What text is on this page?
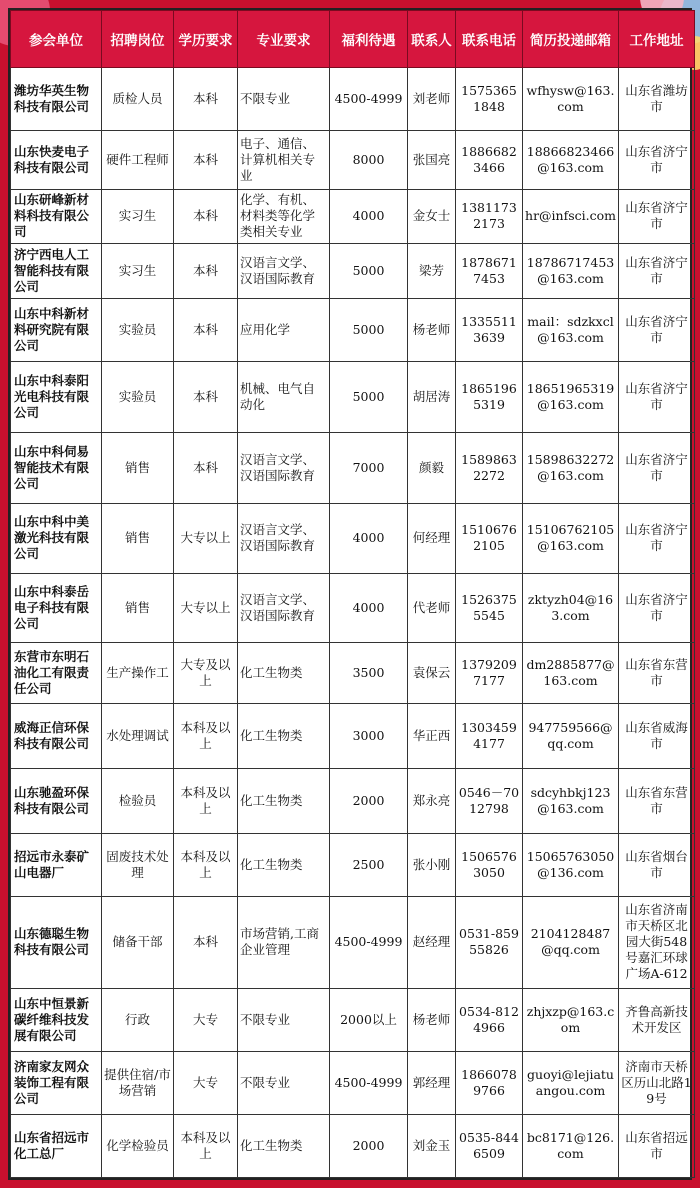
参会单位	招聘岗位	学历要求	专业要求	福利待遇	联系人	联系电话	简历投递邮箱	工作地址
潍坊华英生物科技有限公司	质检人员	本科	不限专业	4500-4999	刘老师	15753651848	wfhysw@163.com	山东省潍坊市
山东快麦电子科技有限公司	硬件工程师	本科	电子、通信、计算机相关专业	8000	张国亮	18866823466	18866823466@163.com	山东省济宁市
山东研峰新材料科技有限公司	实习生	本科	化学、有机、材料类等化学类相关专业	4000	金女士	13811732173	hr@infsci.com	山东省济宁市
济宁西电人工智能科技有限公司	实习生	本科	汉语言文学、汉语国际教育	5000	梁芳	18786717453	18786717453@163.com	山东省济宁市
山东中科新材料研究院有限公司	实验员	本科	应用化学	5000	杨老师	13355113639	mail：sdzkxcl@163.com	山东省济宁市
山东中科泰阳光电科技有限公司	实验员	本科	机械、电气自动化	5000	胡居涛	18651965319	18651965319@163.com	山东省济宁市
山东中科伺易智能技术有限公司	销售	本科	汉语言文学、汉语国际教育	7000	颜毅	15898632272	15898632272@163.com	山东省济宁市
山东中科中美激光科技有限公司	销售	大专以上	汉语言文学、汉语国际教育	4000	何经理	15106762105	15106762105@163.com	山东省济宁市
山东中科泰岳电子科技有限公司	销售	大专以上	汉语言文学、汉语国际教育	4000	代老师	15263755545	zktyzh04@163.com	山东省济宁市
东营市东明石油化工有限责任公司	生产操作工	大专及以上	化工生物类	3500	袁保云	13792097177	dm2885877@163.com	山东省东营市
威海正信环保科技有限公司	水处理调试	本科及以上	化工生物类	3000	华正西	13034594177	947759566@qq.com	山东省威海市
山东驰盈环保科技有限公司	检验员	本科及以上	化工生物类	2000	郑永亮	0546－7012798	sdcyhbkj123@163.com	山东省东营市
招远市永泰矿山电器厂	固废技术处理	本科及以上	化工生物类	2500	张小刚	15065763050	15065763050@136.com	山东省烟台市
山东德聪生物科技有限公司	储备干部	本科	市场营销,工商企业管理	4500-4999	赵经理	0531-85955826	2104128487@qq.com	山东省济南市天桥区北园大街548号嘉汇环球广场A-612
山东中恒景新碳纤维科技发展有限公司	行政	大专	不限专业	2000以上	杨老师	0534-8124966	zhjxzp@163.com	齐鲁高新技术开发区
济南家友网众装饰工程有限公司	提供住宿/市场营销	大专	不限专业	4500-4999	郭经理	18660789766	guoyi@lejiatuangou.com	济南市天桥区历山北路19号
山东省招远市化工总厂	化学检验员	本科及以上	化工生物类	2000	刘金玉	0535-8446509	bc8171@126.com	山东省招远市
